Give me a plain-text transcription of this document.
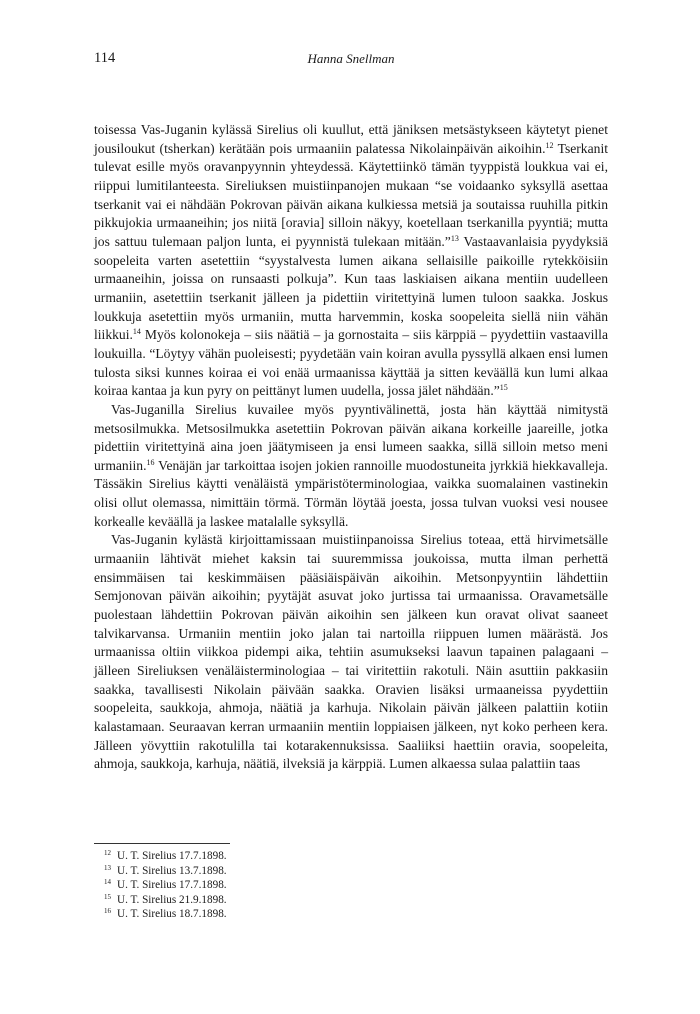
114	Hanna Snellman

toisessa Vas-Juganin kylässä Sirelius oli kuullut, että jäniksen metsästykseen käytetyt pienet jousiloukut (tsherkan) kerätään pois urmaaniin palatessa Nikolainpäivän aikoihin.$^{12}$ Tserkanit tulevat esille myös oravanpyynnin yhteydessä. Käytettiinkö tämän tyyppistä loukkua vai ei, riippui lumitilanteesta. Sireliuksen muistiinpanojen mukaan “se voidaanko syksyllä asettaa tserkanit vai ei nähdään Pokrovan päivän aikana kulkiessa metsiä ja soutaissa ruuhilla pitkin pikkujokia urmaaneihin; jos niitä [oravia] silloin näkyy, koetellaan tserkanilla pyyntiä; mutta jos sattuu tulemaan paljon lunta, ei pyynnistä tulekaan mitään.”$^{13}$ Vastaavanlaisia pyydyksiä soopeleita varten asetettiin “syystalvesta lumen aikana sellaisille paikoille rytekköisiin urmaaneihin, joissa on runsaasti polkuja”. Kun taas laskiaisen aikana mentiin uudelleen urmaniin, asetettiin tserkanit jälleen ja pidettiin viritettyinä lumen tuloon saakka. Joskus loukkuja asetettiin myös urmaniin, mutta harvemmin, koska soopeleita siellä niin vähän liikkui.$^{14}$ Myös kolonokeja – siis näätiä – ja gornostaita – siis kärppiä – pyydettiin vastaavilla loukuilla. “Löytyy vähän puoleisesti; pyydetään vain koiran avulla pyssyllä alkaen ensi lumen tulosta siksi kunnes koiraa ei voi enää urmaanissa käyttää ja sitten keväällä kun lumi alkaa koiraa kantaa ja kun pyry on peittänyt lumen uudella, jossa jälet nähdään.”$^{15}$

Vas-Juganilla Sirelius kuvailee myös pyyntivälinettä, josta hän käyttää nimitystä metsosilmukka. Metsosilmukka asetettiin Pokrovan päivän aikana korkeille jaareille, jotka pidettiin viritettyinä aina joen jäätymiseen ja ensi lumeen saakka, sillä silloin metso meni urmaniin.$^{16}$ Venäjän jar tarkoittaa isojen jokien rannoille muodostuneita jyrkkiä hiekkavalleja. Tässäkin Sirelius käytti venäläistä ympäristöterminologiaa, vaikka suomalainen vastinekin olisi ollut olemassa, nimittäin törmä. Törmän löytää joesta, jossa tulvan vuoksi vesi nousee korkealle keväällä ja laskee matalalle syksyllä.

Vas-Juganin kylästä kirjoittamissaan muistiinpanoissa Sirelius toteaa, että hirvimetsälle urmaaniin lähtivät miehet kaksin tai suuremmissa joukoissa, mutta ilman perhettä ensimmäisen tai keskimmäisen pääsiäispäivän aikoihin. Metsonpyyntiin lähdettiin Semjonovan päivän aikoihin; pyytäjät asuvat joko jurtissa tai urmaanissa. Oravametsälle puolestaan lähdettiin Pokrovan päivän aikoihin sen jälkeen kun oravat olivat saaneet talvikarvansa. Urmaniin mentiin joko jalan tai nartoilla riippuen lumen määrästä. Jos urmaanissa oltiin viikkoa pidempi aika, tehtiin asumukseksi laavun tapainen palagaani – jälleen Sireliuksen venäläisterminologiaa – tai viritettiin rakotuli. Näin asuttiin pakkasiin saakka, tavallisesti Nikolain päivään saakka. Oravien lisäksi urmaaneissa pyydettiin soopeleita, saukkoja, ahmoja, näätiä ja karhuja. Nikolain päivän jälkeen palattiin kotiin kalastamaan. Seuraavan kerran urmaaniin mentiin loppiaisen jälkeen, nyt koko perheen kera. Jälleen yövyttiin rakotulilla tai kotarakennuksissa. Saaliiksi haettiin oravia, soopeleita, ahmoja, saukkoja, karhuja, näätiä, ilveksiä ja kärppiä. Lumen alkaessa sulaa palattiin taas

$^{12}$ U. T. Sirelius 17.7.1898.
$^{13}$ U. T. Sirelius 13.7.1898.
$^{14}$ U. T. Sirelius 17.7.1898.
$^{15}$ U. T. Sirelius 21.9.1898.
$^{16}$ U. T. Sirelius 18.7.1898.
